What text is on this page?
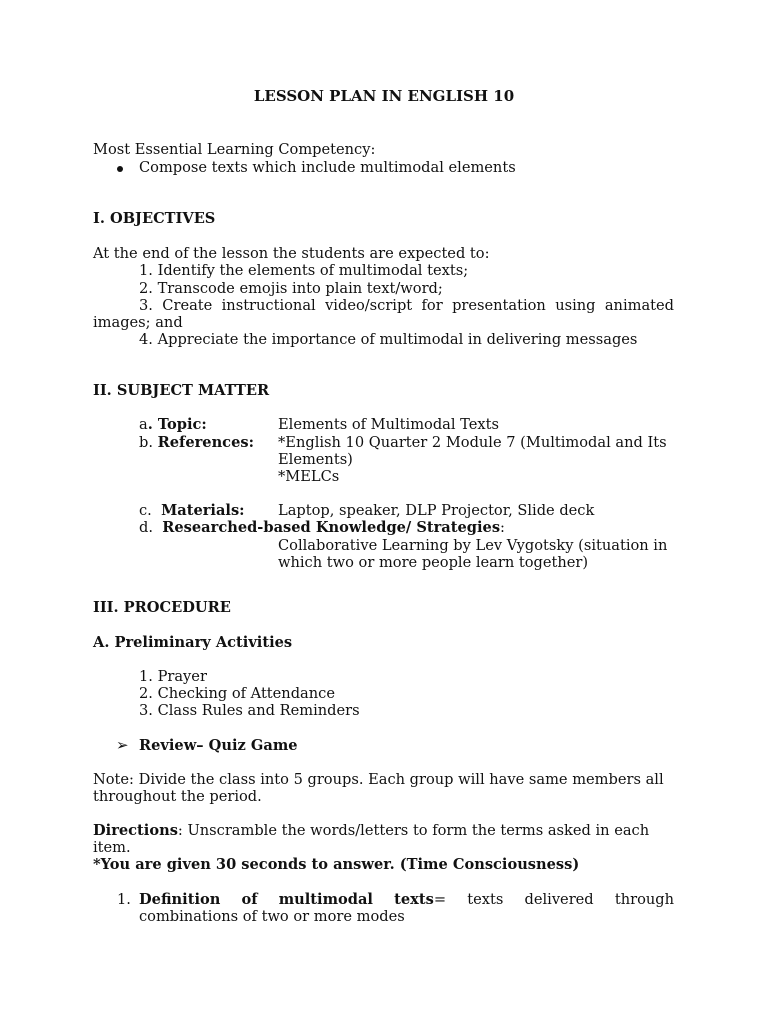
LESSON PLAN IN ENGLISH 10
Most Essential Learning Competency:
Compose texts which include multimodal elements
I. OBJECTIVES
At the end of the lesson the students are expected to:
1. Identify the elements of multimodal texts;
2. Transcode emojis into plain text/word;
3. Create instructional video/script for presentation using animated
images; and
4. Appreciate the importance of multimodal in delivering messages
II. SUBJECT MATTER
a. Topic:	Elements of Multimodal Texts
b. References: *English 10 Quarter 2 Module 7 (Multimodal and Its
Elements)
*MELCs
c. Materials: Laptop, speaker, DLP Projector, Slide deck
d. Researched-based Knowledge/ Strategies:
Collaborative Learning by Lev Vygotsky (situation in
which two or more people learn together)
III. PROCEDURE
A. Preliminary Activities
1. Prayer
2. Checking of Attendance
3. Class Rules and Reminders
➢ Review– Quiz Game
Note: Divide the class into 5 groups. Each group will have same members all
throughout the period.
Directions: Unscramble the words/letters to form the terms asked in each
item.
*You are given 30 seconds to answer. (Time Consciousness)
1. Definition of multimodal texts= texts delivered through
combinations of two or more modes
